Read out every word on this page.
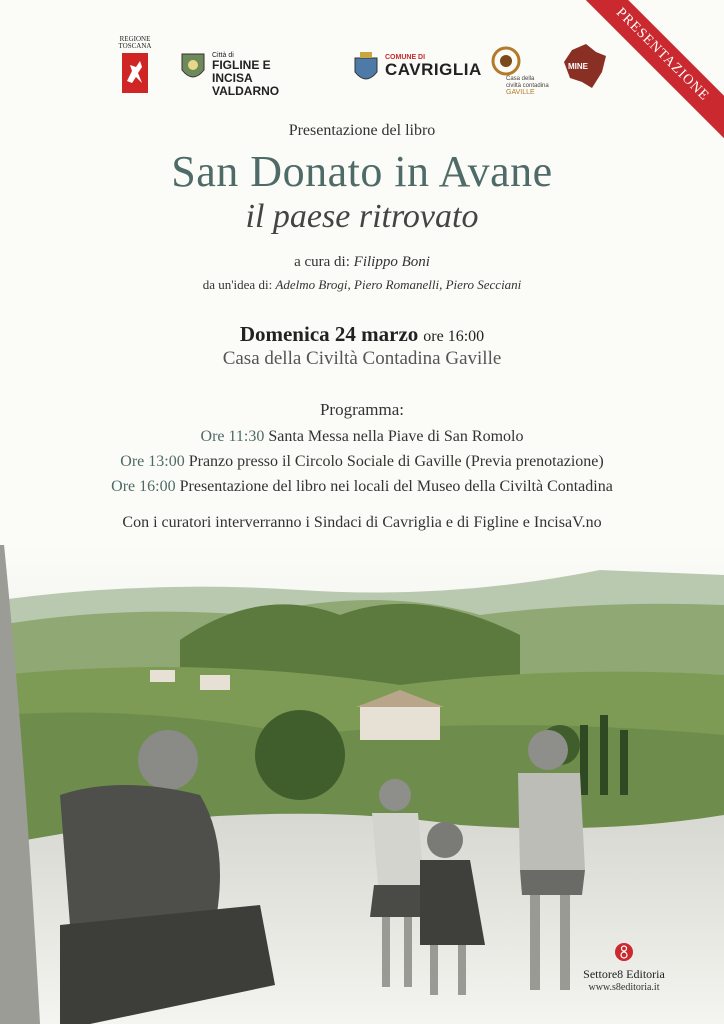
REGIONE
TOSCANA
Città di
FIGLINE E INCISA
VALDARNO
COMUNE DI
CAVRIGLIA	Casa della
civiltà contadina
GAVILLE
MINE	PRESENTAZIONE
Presentazione del libro
San Donato in Avane
il paese ritrovato
a cura di: Filippo Boni
da un'idea di: Adelmo Brogi, Piero Romanelli, Piero Secciani
Domenica 24 marzo ore 16:00
Casa della Civiltà Contadina Gaville
Programma:
Ore 11:30 Santa Messa nella Piave di San Romolo
Ore 13:00 Pranzo presso il Circolo Sociale di Gaville (Previa prenotazione)
Ore 16:00 Presentazione del libro nei locali del Museo della Civiltà Contadina
Con i curatori interverranno i Sindaci di Cavriglia e di Figline e IncisaV.no
Settore8 Editoria
www.s8editoria.it
